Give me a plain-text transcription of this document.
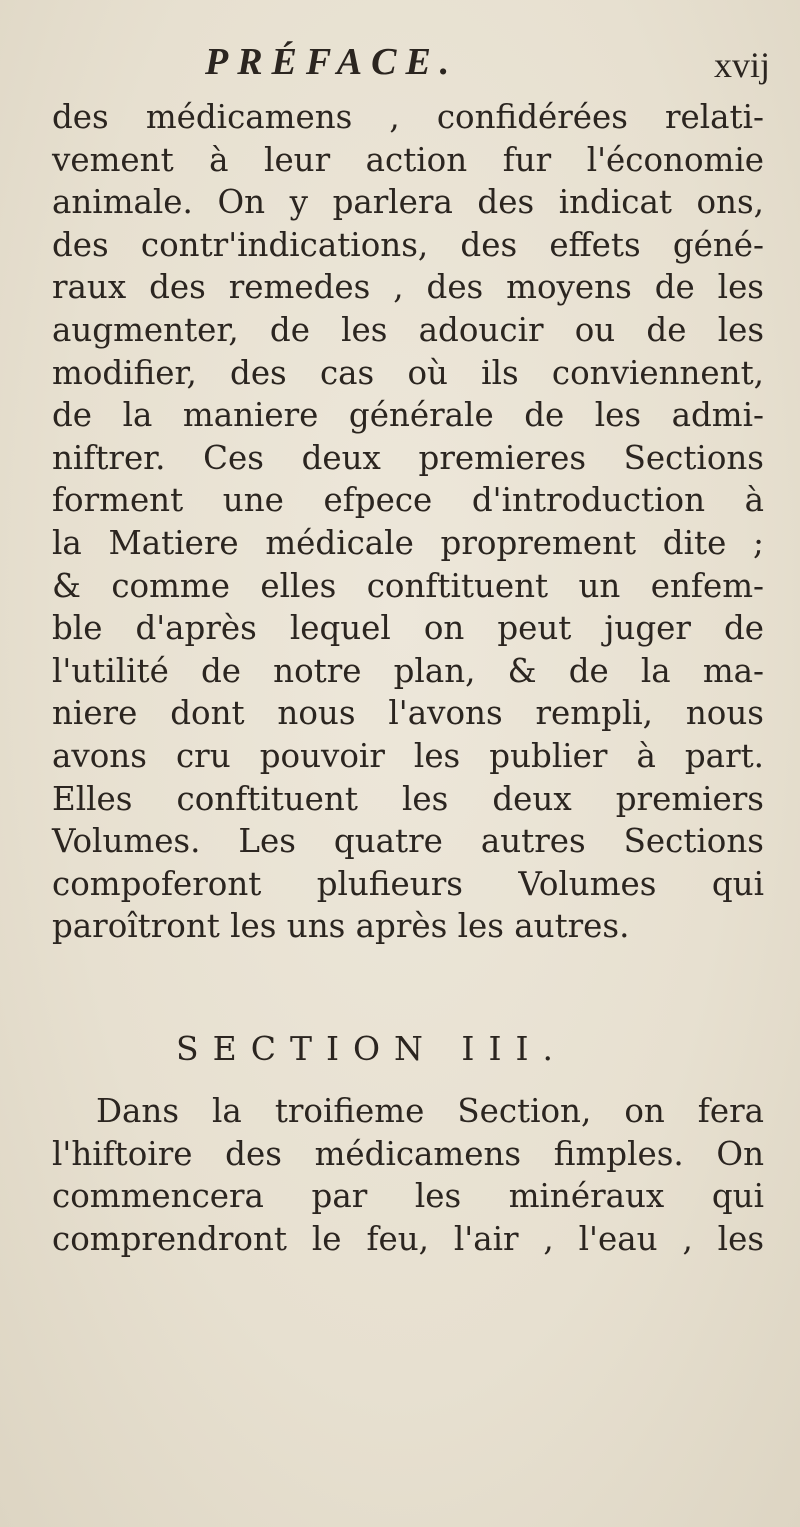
PRÉFACE.	xvij
des médicamens , confidérées relati-
vement à leur action fur l'économie
animale. On y parlera des indicat ons,
des contr'indications, des effets géné-
raux des remedes , des moyens de les
augmenter, de les adoucir ou de les
modifier, des cas où ils conviennent,
de la maniere générale de les admi-
niftrer. Ces deux premieres Sections
forment une efpece d'introduction à
la Matiere médicale proprement dite ;
& comme elles conftituent un enfem-
ble d'après lequel on peut juger de
l'utilité de notre plan, & de la ma-
niere dont nous l'avons rempli, nous
avons cru pouvoir les publier à part.
Elles conftituent les deux premiers
Volumes. Les quatre autres Sections
compoferont plufieurs Volumes qui
paroîtront les uns après les autres.
SECTION III.
Dans la troifieme Section, on fera
l'hiftoire des médicamens fimples. On
commencera par les minéraux qui
comprendront le feu, l'air , l'eau , les
